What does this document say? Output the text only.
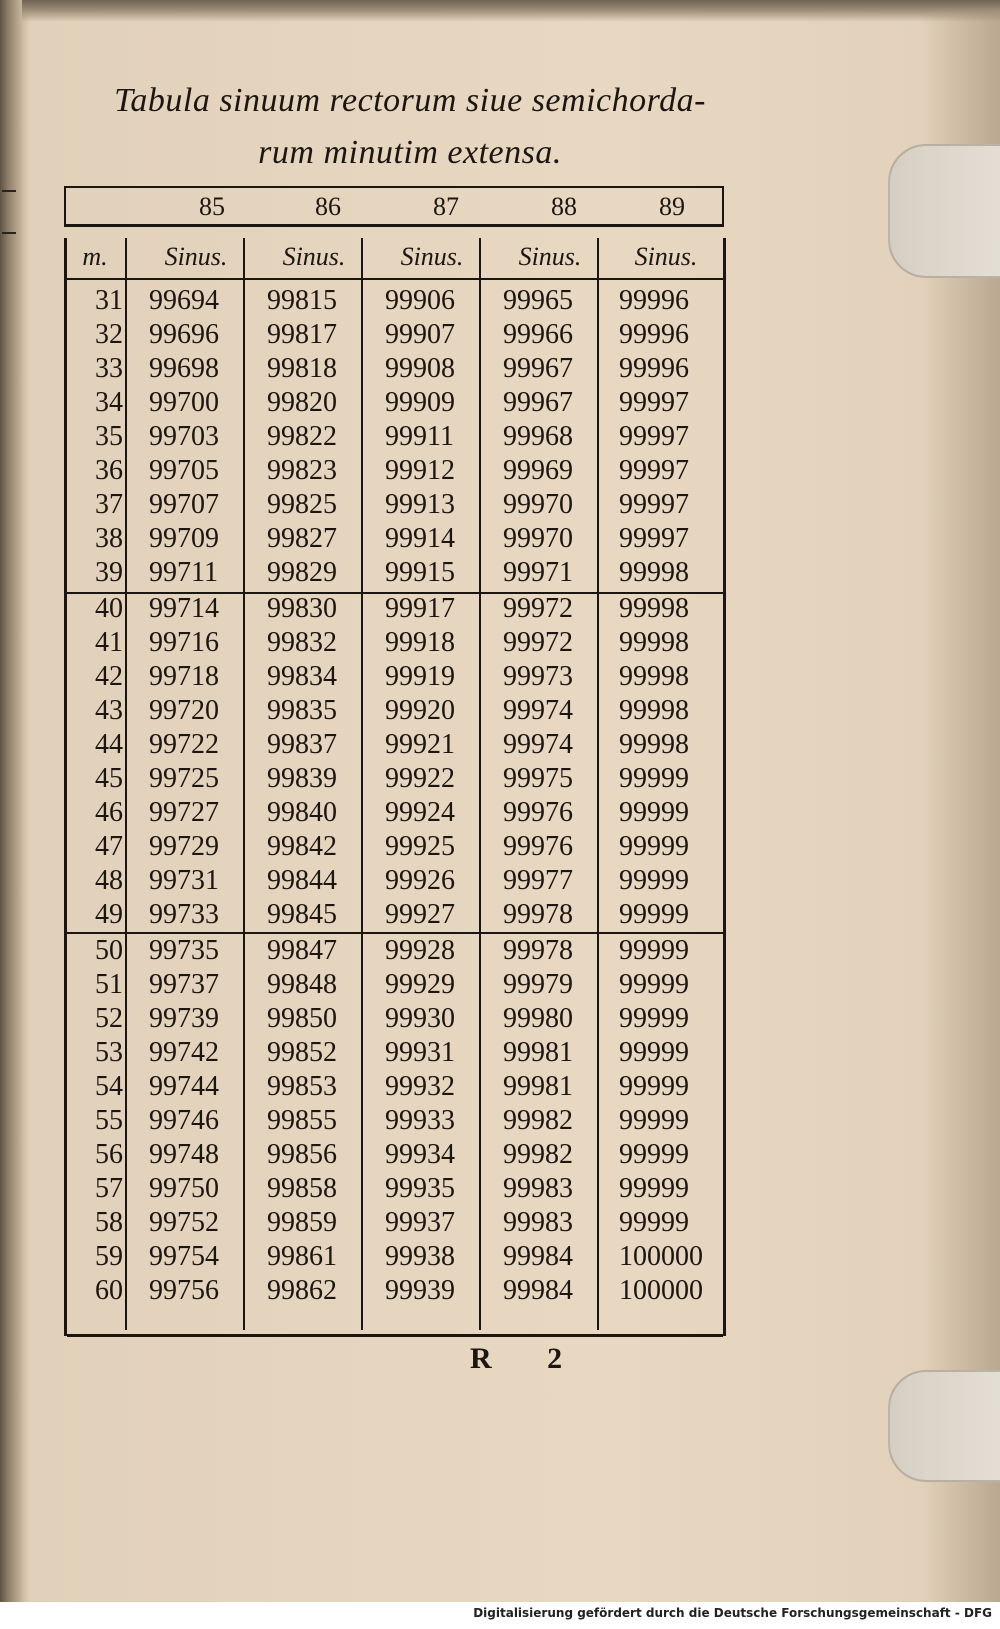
Tabula sinuum rectorum siue semichorda-
rum minutim extensa.
85	86	87	88	89
m.	Sinus.	Sinus.	Sinus.	Sinus.	Sinus.
31 99694	99815	99906	99965	99996
32 99696	99817	99907	99966	99996
33 99698	99818	99908	99967	99996
34 99700	99820	99909	99967	99997
35 99703	99822	99911	99968	99997
36 99705	99823	99912	99969	99997
37 99707	99825	99913	99970	99997
38 99709	99827	99914	99970	99997
39 99711	99829	99915	99971	99998
40 99714	99830	99917	99972	99998
41 99716	99832	99918	99972	99998
42 99718	99834	99919	99973	99998
43 99720	99835	99920	99974	99998
44 99722	99837	99921	99974	99998
45 99725	99839	99922	99975	99999
46 99727	99840	99924	99976	99999
47 99729	99842	99925	99976	99999
48 99731	99844	99926	99977	99999
49 99733	99845	99927	99978	99999
50 99735	99847	99928	99978	99999
51 99737	99848	99929	99979	99999
52 99739	99850	99930	99980	99999
53 99742	99852	99931	99981	99999
54 99744	99853	99932	99981	99999
55 99746	99855	99933	99982	99999
56 99748	99856	99934	99982	99999
57 99750	99858	99935	99983	99999
58 99752	99859	99937	99983	99999
59 99754	99861	99938	99984	100000
60 99756	99862	99939	99984	100000
R 2
Digitalisierung gefördert durch die Deutsche Forschungsgemeinschaft - DFG
